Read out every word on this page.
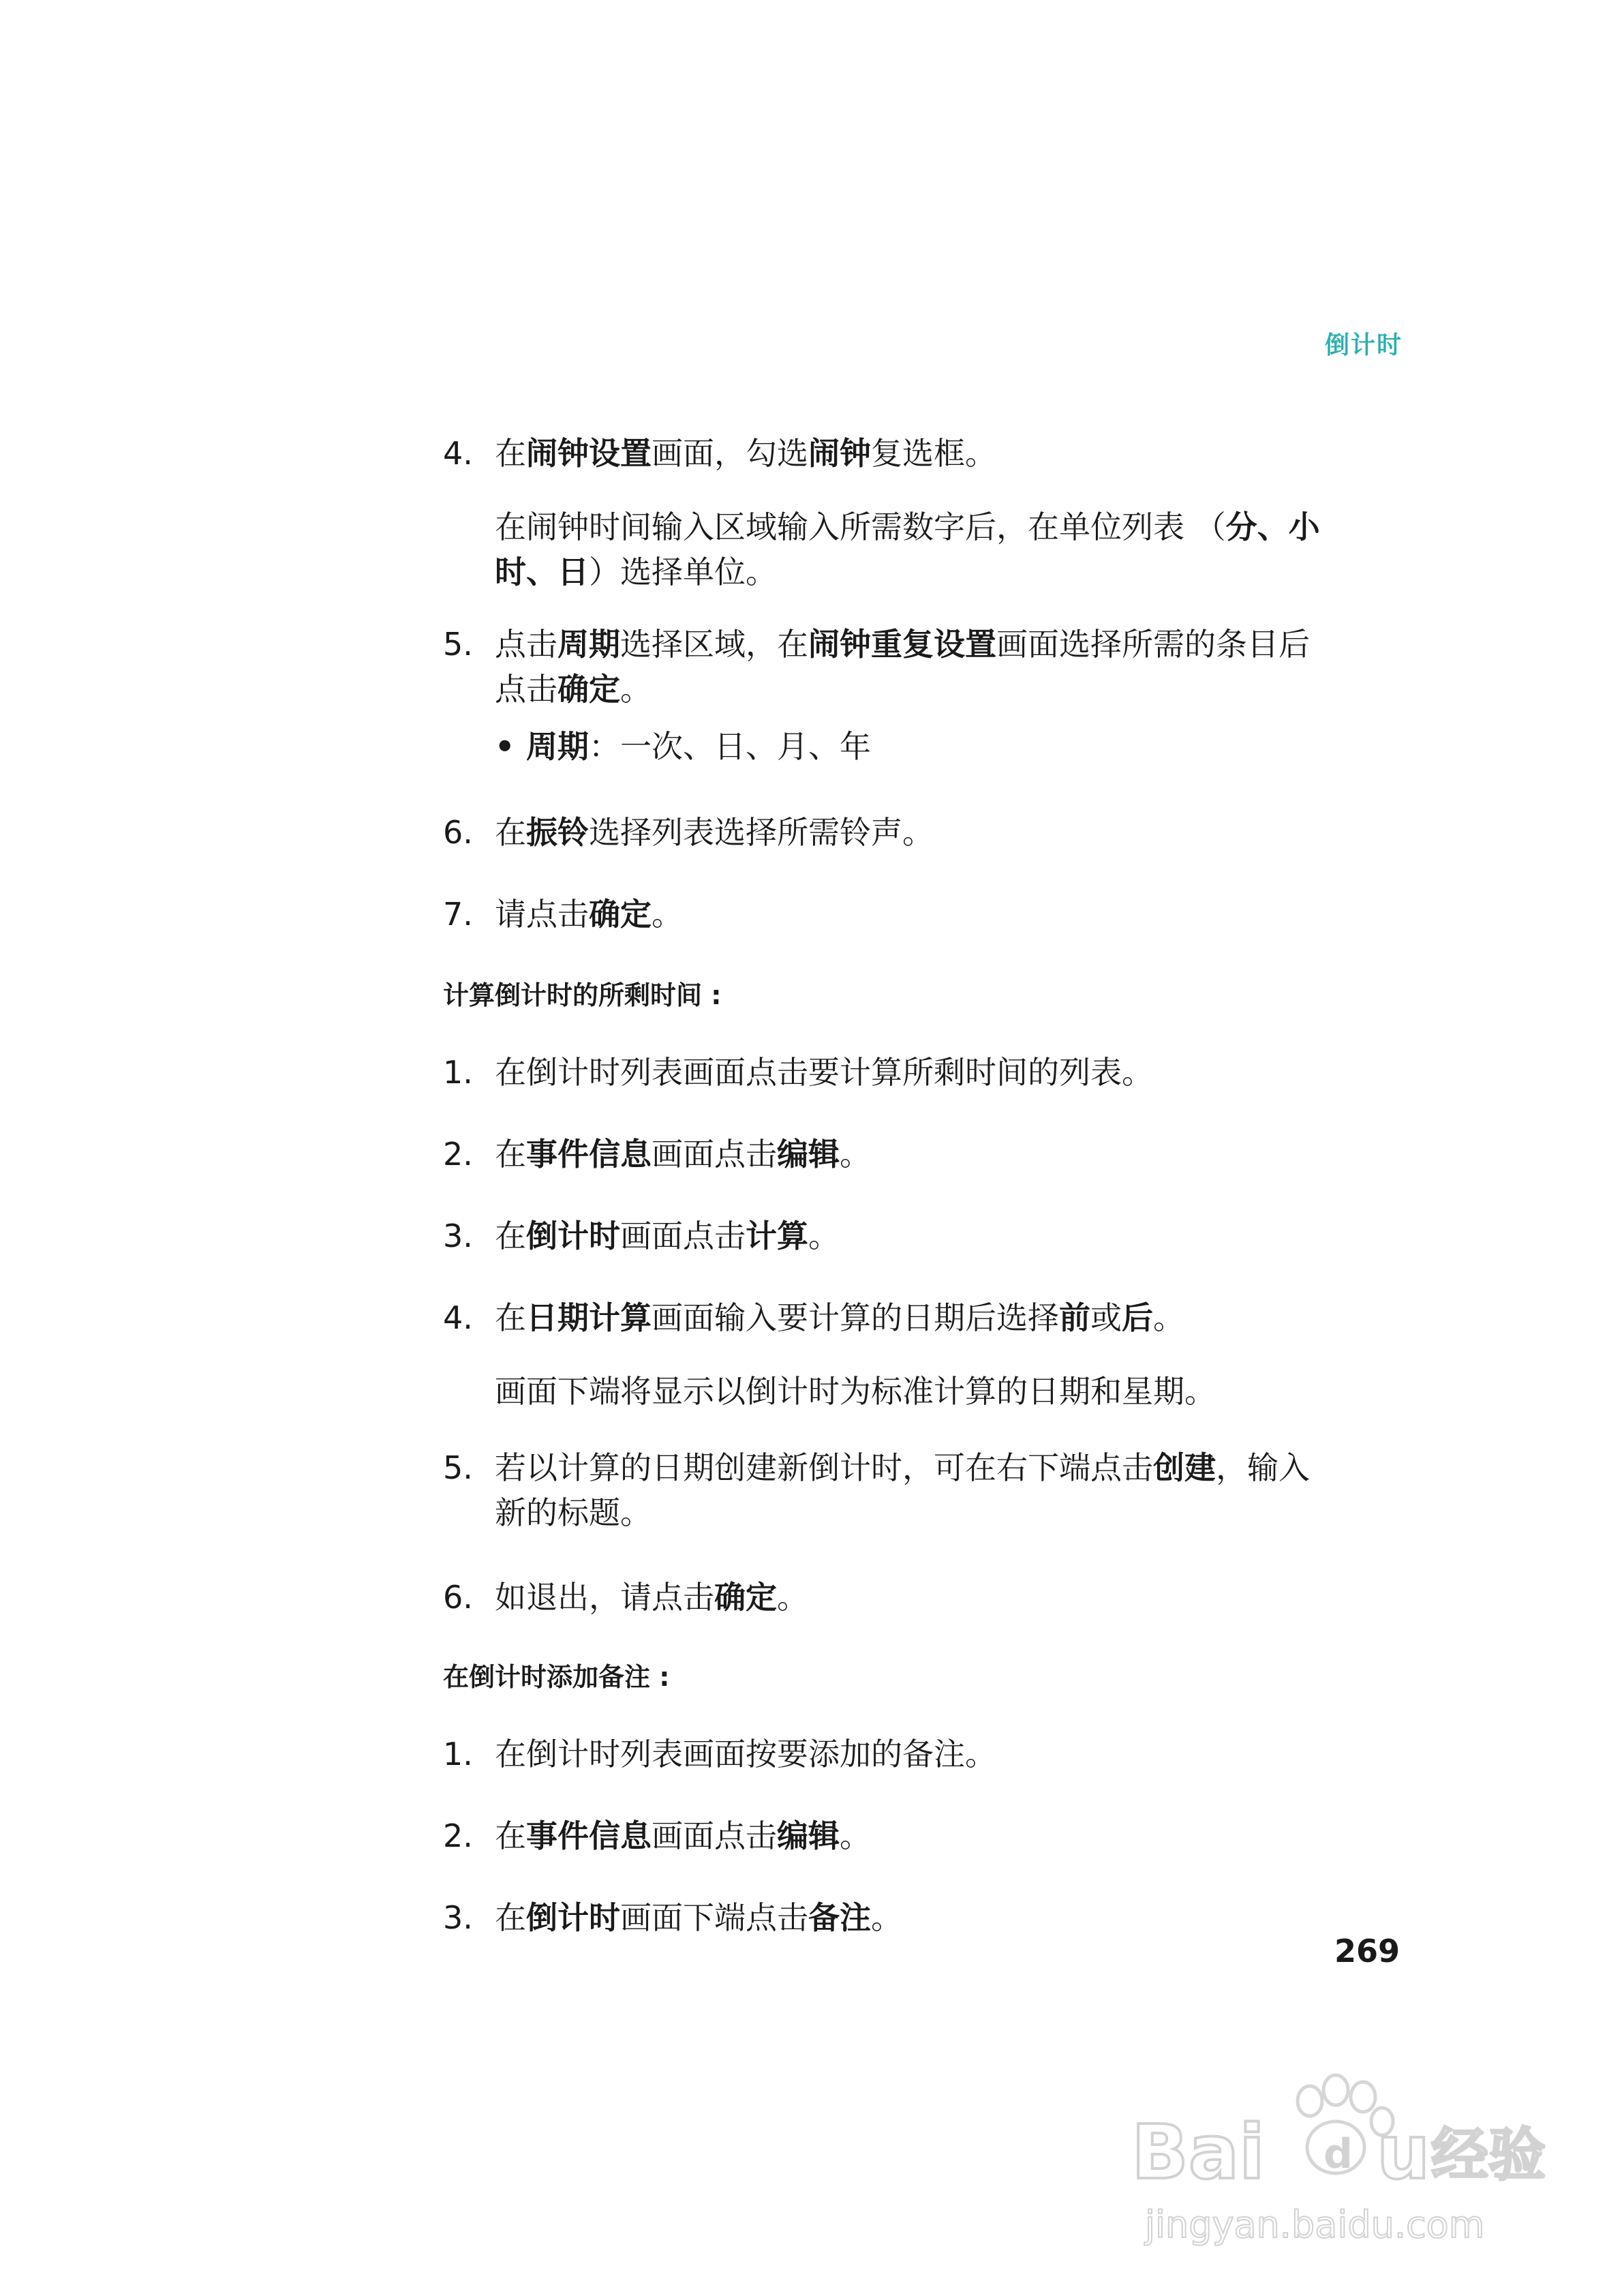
倒计时
4. 在闹钟设置画面，勾选闹钟复选框。
在闹钟时间输入区域输入所需数字后，在单位列表 （分、小
时、日）选择单位。
5. 点击周期选择区域，在闹钟重复设置画面选择所需的条目后
点击确定。
• 周期：一次、日、月、年
6. 在振铃选择列表选择所需铃声。
7. 请点击确定。
计算倒计时的所剩时间 :
1. 在倒计时列表画面点击要计算所剩时间的列表。
2. 在事件信息画面点击编辑。
3. 在倒计时画面点击计算。
4. 在日期计算画面输入要计算的日期后选择前或后。
画面下端将显示以倒计时为标准计算的日期和星期。
5. 若以计算的日期创建新倒计时，可在右下端点击创建，输入
新的标题。
6. 如退出，请点击确定。
在倒计时添加备注 :
1. 在倒计时列表画面按要添加的备注。
2. 在事件信息画面点击编辑。
3. 在倒计时画面下端点击备注。
269
Bai u
d 经验
jingyan.baidu.com
